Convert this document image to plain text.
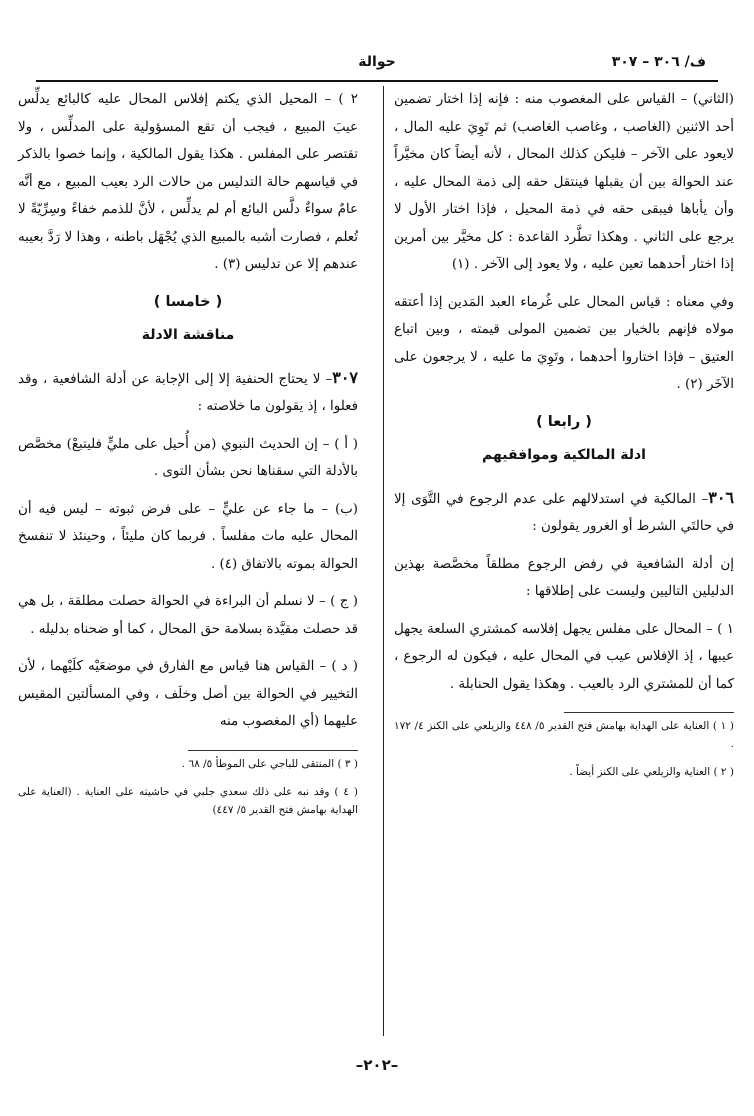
ف/ ٣٠٦ – ٣٠٧
حوالة

(الثاني) – القياس على المغصوب منه : فإنه إذا اختار تضمين أحد الاثنين (الغاصب ، وغاصب الغاصب) ثم تَوِيَ عليه المال ، لايعود على الآخر – فليكن كذلك المحال ، لأنه أيضاً كان مخيَّراً عند الحوالة بين أن يقبلها فينتقل حقه إلى ذمة المحال عليه ، وأن يأباها فيبقى حقه في ذمة المحيل ، فإذا اختار الأول لا يرجع على الثاني . وهكذا تطَّرد القاعدة : كل مخيَّر بين أمرين إذا اختار أحدهما تعين عليه ، ولا يعود إلى الآخر . (١)

وفي معناه : قياس المحال على غُرماء العبد المَدين إذا أعتقه مولاه فإنهم بالخيار بين تضمين المولى قيمته ، وبين اتباع العتيق – فإذا اختاروا أحدهما ، وتَوِيَ ما عليه ، لا يرجعون على الآخَر (٢) .

( رابعا )
ادلة المالكية وموافقيهم

٣٠٦– المالكية في استدلالهم على عدم الرجوع في التَّوَى إلا في حالتَي الشرط أو الغرور يقولون :

إن أدلة الشافعية في رفض الرجوع مطلقاً مخصَّصة بهذين الدليلين التاليين وليست على إطلاقها :

١ ) – المحال على مفلس يجهل إفلاسه كمشتري السلعة يجهل عيبها ، إذ الإفلاس عيب في المحال عليه ، فيكون له الرجوع ، كما أن للمشتري الرد بالعيب . وهكذا يقول الحنابلة .

( ١ ) العناية على الهداية بهامش فتح القدير ٥/ ٤٤٨ والزيلعي على الكنز ٤/ ١٧٢ .

( ٢ ) العناية والزيلعي على الكنز أيضاً .

٢ ) – المحيل الذي يكتم إفلاس المحال عليه كالبائع يدلِّس عيبَ المبيع ، فيجب أن تقع المسؤولية على المدلِّس ، ولا تقتصر على المفلس . هكذا يقول المالكية ، وإنما خصوا بالذكر في قياسهم حالة التدليس من حالات الرد بعيب المبيع ، مع أنَّه عامٌ سواءٌ دلَّس البائع أم لم يدلِّس ، لأنَّ للذمم خفاءً وسِرِّيّةً لا تُعلم ، فصارت أشبه بالمبيع الذي يُجْهَل باطنه ، وهذا لا رَدَّ بعيبه عندهم إلا عن تدليس (٣) .

( خامسا )
مناقشة الادلة

٣٠٧– لا يحتاج الحنفية إلا إلى الإجابة عن أدلة الشافعية ، وقد فعلوا ، إذ يقولون ما خلاصته :

( أ ) – إن الحديث النبوي (من أُحيل على مليٍّ فليتبعْ) مخصَّص بالأدلة التي سقناها نحن بشأن التوى .

(ب) – ما جاء عن عليٍّ – على فرض ثبوته – ليس فيه أن المحال عليه مات مفلساً . فربما كان مليئاً ، وحينئذ لا تنفسخ الحوالة بموته بالاتفاق (٤) .

( ج ) – لا نسلم أن البراءة في الحوالة حصلت مطلقة ، بل هي قد حصلت مقيَّدة بسلامة حق المحال ، كما أو ضحناه بدليله .

( د ) – القياس هنا قياس مع الفارق في موضعَيْه كلَيْهما ، لأن التخيير في الحوالة بين أصل وخلَف ، وفي المسألتين المقيس عليهما (أي المغصوب منه

( ٣ ) المنتقى للباجي على الموطأ ٥/ ٦٨ .

( ٤ ) وقد نبه على ذلك سعدي جلبي في حاشيته على العناية . (العناية على الهداية بهامش فتح القدير ٥/ ٤٤٧)

–٢٠٢–
